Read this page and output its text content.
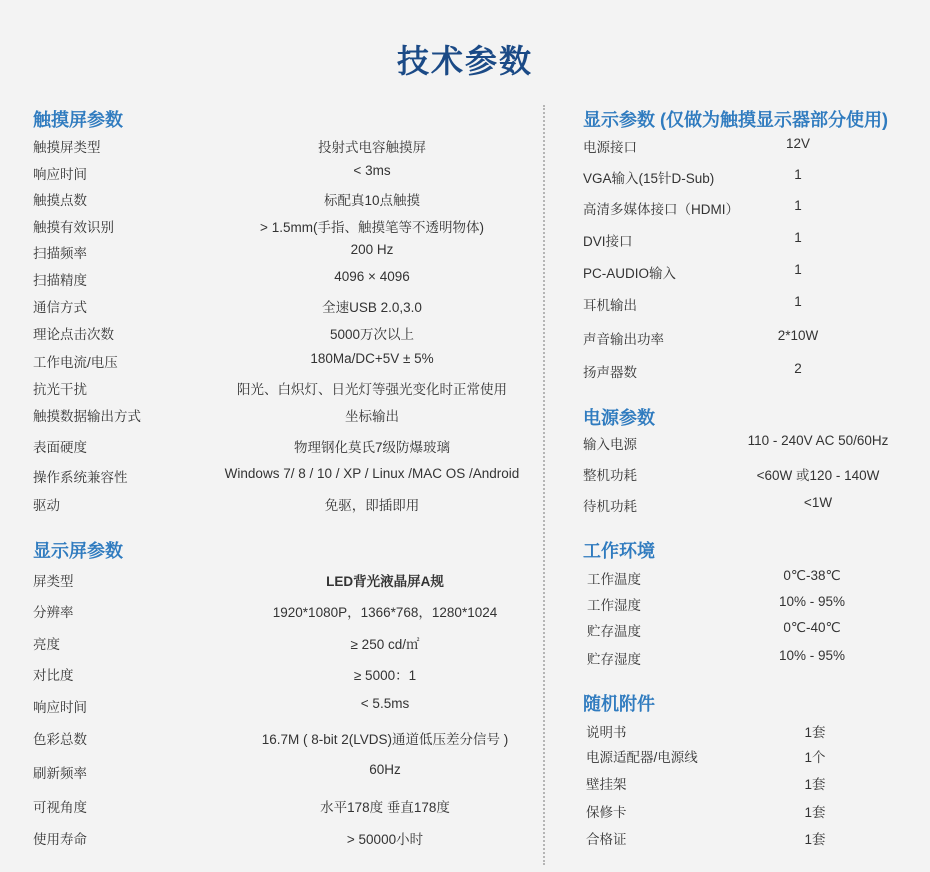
技术参数
触摸屏参数
触摸屏类型	投射式电容触摸屏
响应时间	< 3ms
触摸点数	标配真10点触摸
触摸有效识别	> 1.5mm(手指、触摸笔等不透明物体)
扫描频率	200 Hz
扫描精度	4096 × 4096
通信方式	全速USB 2.0,3.0
理论点击次数	5000万次以上
工作电流/电压	180Ma/DC+5V ± 5%
抗光干扰	阳光、白炽灯、日光灯等强光变化时正常使用
触摸数据输出方式	坐标输出
表面硬度	物理钢化莫氏7级防爆玻璃
操作系统兼容性	Windows 7/ 8 / 10 / XP / Linux /MAC OS /Android
驱动	免驱，即插即用
显示屏参数
屏类型	LED背光液晶屏A规
分辨率	1920*1080P，1366*768，1280*1024
亮度	≥ 250 cd/㎡
对比度	≥ 5000：1
响应时间	< 5.5ms
色彩总数	16.7M ( 8-bit 2(LVDS)通道低压差分信号 )
刷新频率	60Hz
可视角度	水平178度 垂直178度
使用寿命	> 50000小时
显示参数 (仅做为触摸显示器部分使用)
电源接口	12V
VGA输入(15针D-Sub)	1
高清多媒体接口（HDMI）	1
DVI接口	1
PC-AUDIO输入	1
耳机输出	1
声音输出功率	2*10W
扬声器数	2
电源参数
输入电源	110 - 240V AC 50/60Hz
整机功耗	<60W 或120 - 140W
待机功耗	<1W
工作环境
工作温度	0℃-38℃
工作湿度	10% - 95%
贮存温度	0℃-40℃
贮存湿度	10% - 95%
随机附件
说明书	1套
电源适配器/电源线	1个
壁挂架	1套
保修卡	1套
合格证	1套
